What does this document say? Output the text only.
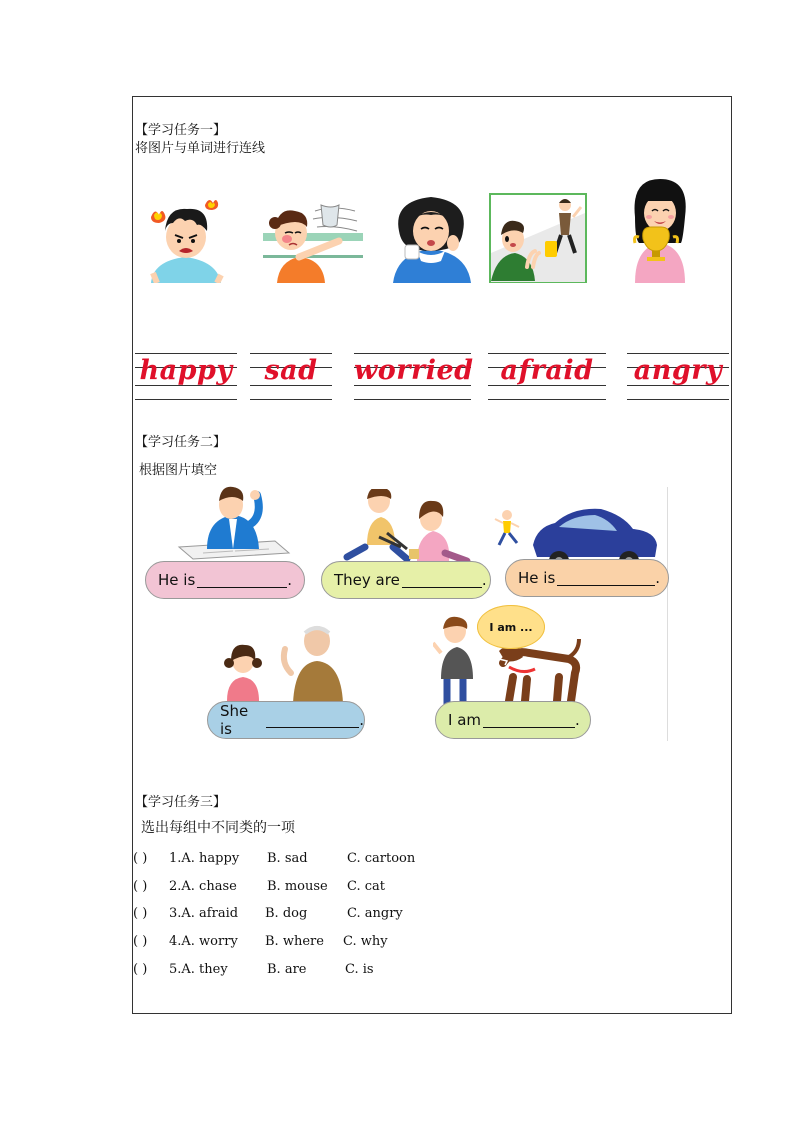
【学习任务一】
将图片与单词进行连线
happy	sad	worried	afraid	angry
【学习任务二】
根据图片填空
I am ...
He is	.	They are	. He is	.
She is	.	I am	.
【学习任务三】
选出每组中不同类的一项
( ) 1.A. happy B. sad	C. cartoon
( ) 2.A. chase B. mouse C. cat
( ) 3.A. afraid B. dog	C. angry
( ) 4.A. worry B. where C. why
( ) 5.A. they	B. are	C. is
